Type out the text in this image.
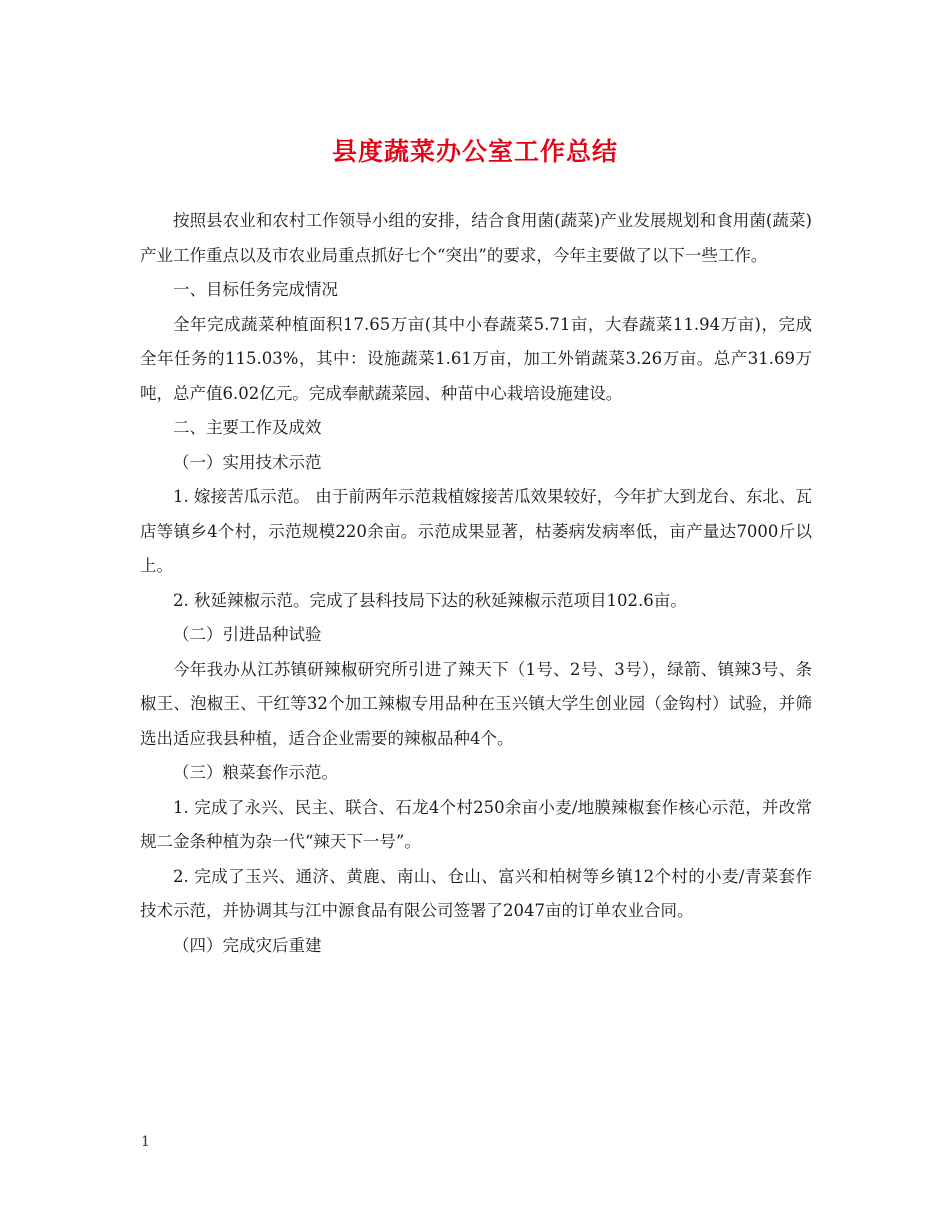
县度蔬菜办公室工作总结

按照县农业和农村工作领导小组的安排，结合食用菌(蔬菜)产业发展规划和食用菌(蔬菜)产业工作重点以及市农业局重点抓好七个“突出”的要求，今年主要做了以下一些工作。

一、目标任务完成情况

全年完成蔬菜种植面积17.65万亩(其中小春蔬菜5.71亩，大春蔬菜11.94万亩)，完成全年任务的115.03%，其中：设施蔬菜1.61万亩，加工外销蔬菜3.26万亩。总产31.69万吨，总产值6.02亿元。完成奉献蔬菜园、种苗中心栽培设施建设。

二、主要工作及成效

（一）实用技术示范

1. 嫁接苦瓜示范。 由于前两年示范栽植嫁接苦瓜效果较好，今年扩大到龙台、东北、瓦店等镇乡4个村，示范规模220余亩。示范成果显著，枯萎病发病率低，亩产量达7000斤以上。

2. 秋延辣椒示范。完成了县科技局下达的秋延辣椒示范项目102.6亩。

（二）引进品种试验

今年我办从江苏镇研辣椒研究所引进了辣天下（1号、2号、3号），绿箭、镇辣3号、条椒王、泡椒王、干红等32个加工辣椒专用品种在玉兴镇大学生创业园（金钩村）试验，并筛选出适应我县种植，适合企业需要的辣椒品种4个。

（三）粮菜套作示范。

1. 完成了永兴、民主、联合、石龙4个村250余亩小麦/地膜辣椒套作核心示范，并改常规二金条种植为杂一代“辣天下一号”。

2. 完成了玉兴、通济、黄鹿、南山、仓山、富兴和柏树等乡镇12个村的小麦/青菜套作技术示范，并协调其与江中源食品有限公司签署了2047亩的订单农业合同。

（四）完成灾后重建

1
